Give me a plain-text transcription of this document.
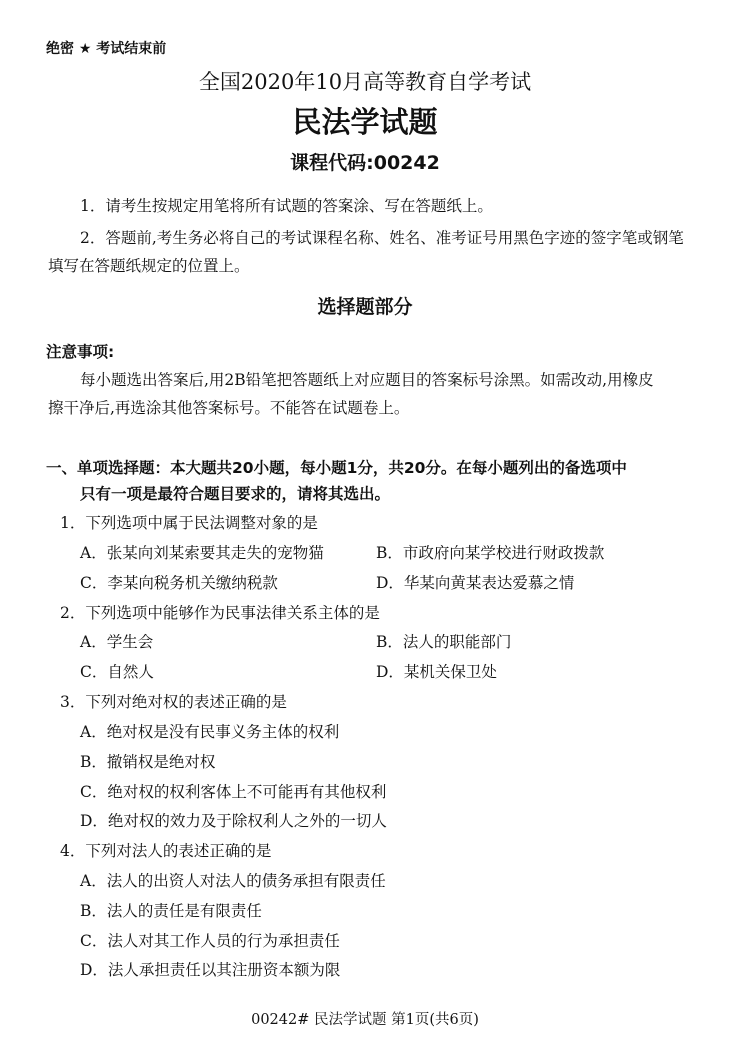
绝密 ★ 考试结束前
全国2020年10月高等教育自学考试
民法学试题
课程代码:00242
1．请考生按规定用笔将所有试题的答案涂、写在答题纸上。
2．答题前,考生务必将自己的考试课程名称、姓名、准考证号用黑色字迹的签字笔或钢笔
填写在答题纸规定的位置上。
选择题部分
注意事项:
每小题选出答案后,用2B铅笔把答题纸上对应题目的答案标号涂黑。如需改动,用橡皮
擦干净后,再选涂其他答案标号。不能答在试题卷上。
一、单项选择题：本大题共20小题，每小题1分，共20分。在每小题列出的备选项中
只有一项是最符合题目要求的，请将其选出。
1．下列选项中属于民法调整对象的是
A．张某向刘某索要其走失的宠物猫	B．市政府向某学校进行财政拨款
C．李某向税务机关缴纳税款	D．华某向黄某表达爱慕之情
2．下列选项中能够作为民事法律关系主体的是
A．学生会	B．法人的职能部门
C．自然人	D．某机关保卫处
3．下列对绝对权的表述正确的是
A．绝对权是没有民事义务主体的权利
B．撤销权是绝对权
C．绝对权的权利客体上不可能再有其他权利
D．绝对权的效力及于除权利人之外的一切人
4．下列对法人的表述正确的是
A．法人的出资人对法人的债务承担有限责任
B．法人的责任是有限责任
C．法人对其工作人员的行为承担责任
D．法人承担责任以其注册资本额为限
00242# 民法学试题 第1页(共6页)
